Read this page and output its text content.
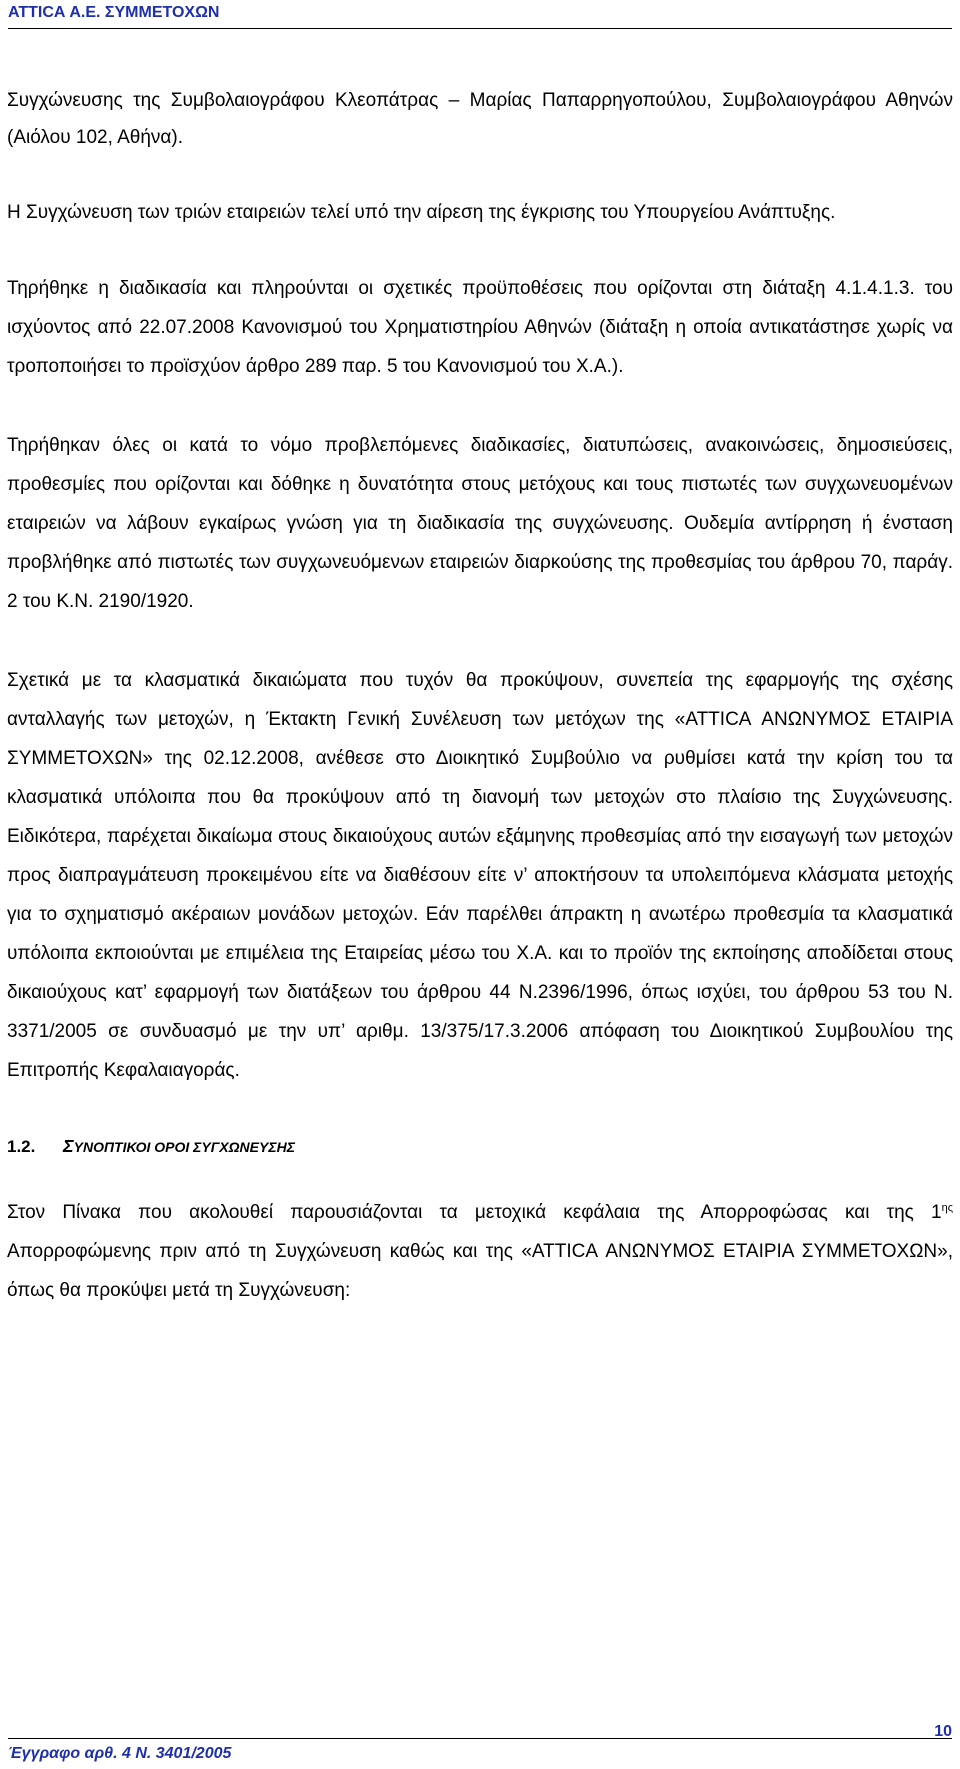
ATTICA Α.Ε. ΣΥΜΜΕΤΟΧΩΝ

Συγχώνευσης της Συμβολαιογράφου Κλεοπάτρας – Μαρίας Παπαρρηγοπούλου, Συμβολαιογράφου Αθηνών (Αιόλου 102, Αθήνα).

Η Συγχώνευση των τριών εταιρειών τελεί υπό την αίρεση της έγκρισης του Υπουργείου Ανάπτυξης.

Τηρήθηκε η διαδικασία και πληρούνται οι σχετικές προϋποθέσεις που ορίζονται στη διάταξη 4.1.4.1.3. του ισχύοντος από 22.07.2008 Κανονισμού του Χρηματιστηρίου Αθηνών (διάταξη η οποία αντικατάστησε χωρίς να τροποποιήσει το προϊσχύον άρθρο 289 παρ. 5 του Κανονισμού του Χ.Α.).

Τηρήθηκαν όλες οι κατά το νόμο προβλεπόμενες διαδικασίες, διατυπώσεις, ανακοινώσεις, δημοσιεύσεις, προθεσμίες που ορίζονται και δόθηκε η δυνατότητα στους μετόχους και τους πιστωτές των συγχωνευομένων εταιρειών να λάβουν εγκαίρως γνώση για τη διαδικασία της συγχώνευσης. Ουδεμία αντίρρηση ή ένσταση προβλήθηκε από πιστωτές των συγχωνευόμενων εταιρειών διαρκούσης της προθεσμίας του άρθρου 70, παράγ. 2 του Κ.Ν. 2190/1920.

Σχετικά με τα κλασματικά δικαιώματα που τυχόν θα προκύψουν, συνεπεία της εφαρμογής της σχέσης ανταλλαγής των μετοχών, η Έκτακτη Γενική Συνέλευση των μετόχων της «ATTICA ΑΝΩΝΥΜΟΣ ΕΤΑΙΡΙΑ ΣΥΜΜΕΤΟΧΩΝ» της 02.12.2008, ανέθεσε στο Διοικητικό Συμβούλιο να ρυθμίσει κατά την κρίση του τα κλασματικά υπόλοιπα που θα προκύψουν από τη διανομή των μετοχών στο πλαίσιο της Συγχώνευσης. Ειδικότερα, παρέχεται δικαίωμα στους δικαιούχους αυτών εξάμηνης προθεσμίας από την εισαγωγή των μετοχών προς διαπραγμάτευση προκειμένου είτε να διαθέσουν είτε ν’ αποκτήσουν τα υπολειπόμενα κλάσματα μετοχής για το σχηματισμό ακέραιων μονάδων μετοχών. Εάν παρέλθει άπρακτη η ανωτέρω προθεσμία τα κλασματικά υπόλοιπα εκποιούνται με επιμέλεια της Εταιρείας μέσω του Χ.Α. και το προϊόν της εκποίησης αποδίδεται στους δικαιούχους κατ’ εφαρμογή των διατάξεων του άρθρου 44 Ν.2396/1996, όπως ισχύει, του άρθρου 53 του Ν. 3371/2005 σε συνδυασμό με την υπ’ αριθμ. 13/375/17.3.2006 απόφαση του Διοικητικού Συμβουλίου της Επιτροπής Κεφαλαιαγοράς.

1.2. ΣΥΝΟΠΤΙΚΟΙ ΟΡΟΙ ΣΥΓΧΩΝΕΥΣΗΣ

Στον Πίνακα που ακολουθεί παρουσιάζονται τα μετοχικά κεφάλαια της Απορροφώσας και της $1^{\eta\varsigma}$ Απορροφώμενης πριν από τη Συγχώνευση καθώς και της «ATTICA ΑΝΩΝΥΜΟΣ ΕΤΑΙΡΙΑ ΣΥΜΜΕΤΟΧΩΝ», όπως θα προκύψει μετά τη Συγχώνευση:

Έγγραφο αρθ. 4 Ν. 3401/2005
10
